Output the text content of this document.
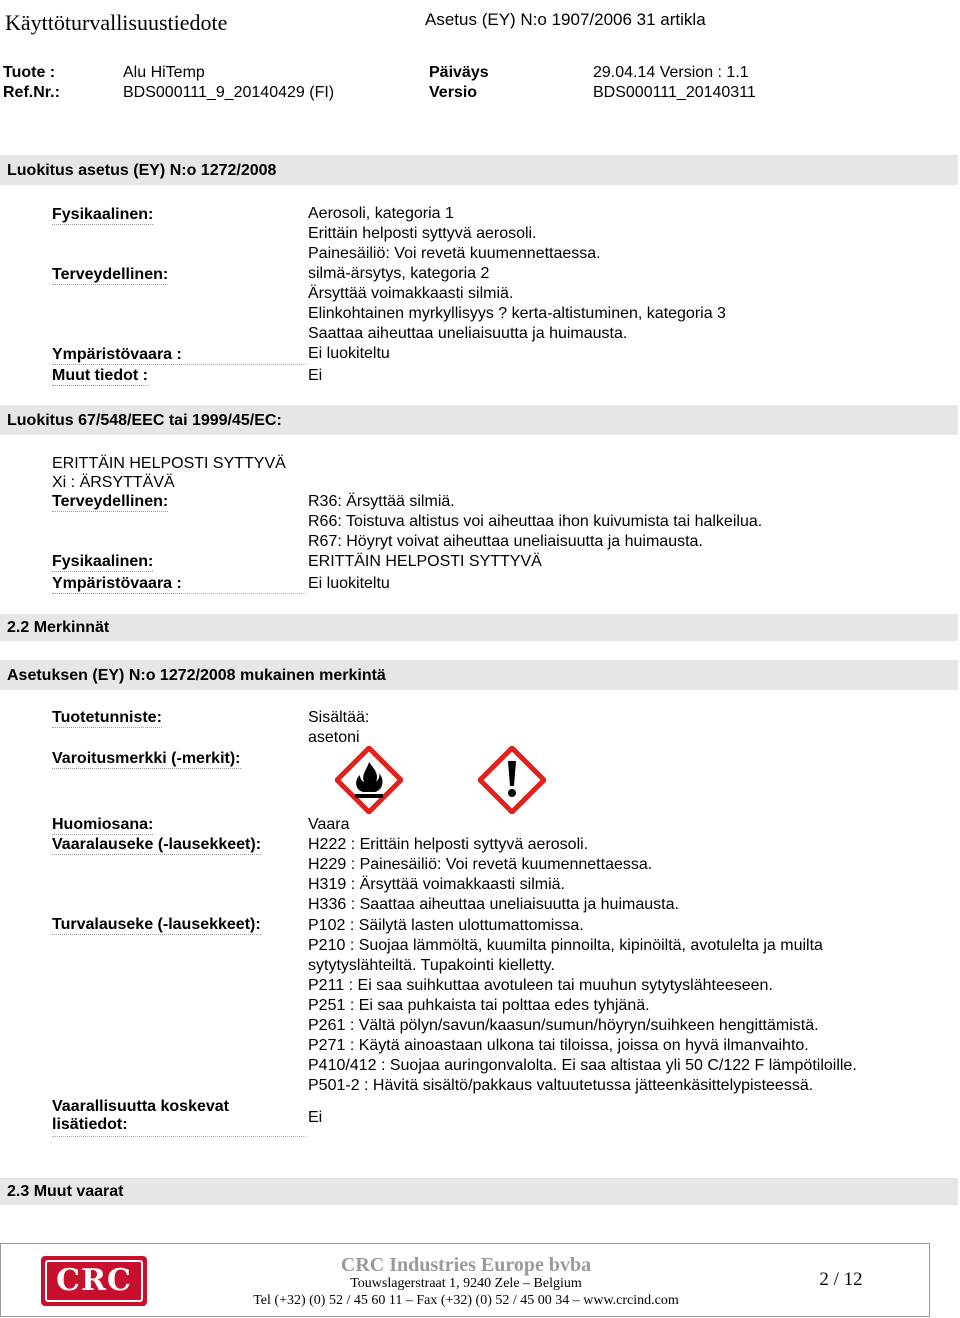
Käyttöturvallisuustiedote	Asetus (EY) N:o 1907/2006 31 artikla
Tuote :	Alu HiTemp	Päiväys	29.04.14 Version : 1.1
Ref.Nr.:	BDS000111_9_20140429 (FI)	Versio	BDS000111_20140311
Luokitus asetus (EY) N:o 1272/2008
Fysikaalinen:	Aerosoli, kategoria 1
Erittäin helposti syttyvä aerosoli.
Painesäiliö: Voi revetä kuumennettaessa.
Terveydellinen:	silmä-ärsytys, kategoria 2
Ärsyttää voimakkaasti silmiä.
Elinkohtainen myrkyllisyys ? kerta-altistuminen, kategoria 3
Saattaa aiheuttaa uneliaisuutta ja huimausta.
Ympäristövaara :	Ei luokiteltu
Muut tiedot :	Ei
Luokitus 67/548/EEC tai 1999/45/EC:
ERITTÄIN HELPOSTI SYTTYVÄ
Xi : ÄRSYTTÄVÄ
Terveydellinen:	R36: Ärsyttää silmiä.
R66: Toistuva altistus voi aiheuttaa ihon kuivumista tai halkeilua.
R67: Höyryt voivat aiheuttaa uneliaisuutta ja huimausta.
Fysikaalinen:	ERITTÄIN HELPOSTI SYTTYVÄ
Ympäristövaara :	Ei luokiteltu
2.2 Merkinnät
Asetuksen (EY) N:o 1272/2008 mukainen merkintä
Tuotetunniste:	Sisältää:
asetoni
Varoitusmerkki (-merkit):
Huomiosana:	Vaara
Vaaralauseke (-lausekkeet):	H222 : Erittäin helposti syttyvä aerosoli.
H229 : Painesäiliö: Voi revetä kuumennettaessa.
H319 : Ärsyttää voimakkaasti silmiä.
H336 : Saattaa aiheuttaa uneliaisuutta ja huimausta.
Turvalauseke (-lausekkeet):	P102 : Säilytä lasten ulottumattomissa.
P210 : Suojaa lämmöltä, kuumilta pinnoilta, kipinöiltä, avotulelta ja muilta
sytytyslähteiltä. Tupakointi kielletty.
P211 : Ei saa suihkuttaa avotuleen tai muuhun sytytyslähteeseen.
P251 : Ei saa puhkaista tai polttaa edes tyhjänä.
P261 : Vältä pölyn/savun/kaasun/sumun/höyryn/suihkeen hengittämistä.
P271 : Käytä ainoastaan ulkona tai tiloissa, joissa on hyvä ilmanvaihto.
P410/412 : Suojaa auringonvalolta. Ei saa altistaa yli 50 C/122 F lämpötiloille.
P501-2 : Hävitä sisältö/pakkaus valtuutetussa jätteenkäsittelypisteessä.
Vaarallisuutta koskevat
lisätiedot:	Ei
2.3 Muut vaarat
CRC	CRC Industries Europe bvba
Touwslagerstraat 1, 9240 Zele – Belgium
Tel (+32) (0) 52 / 45 60 11 – Fax (+32) (0) 52 / 45 00 34 – www.crcind.com
2 / 12
